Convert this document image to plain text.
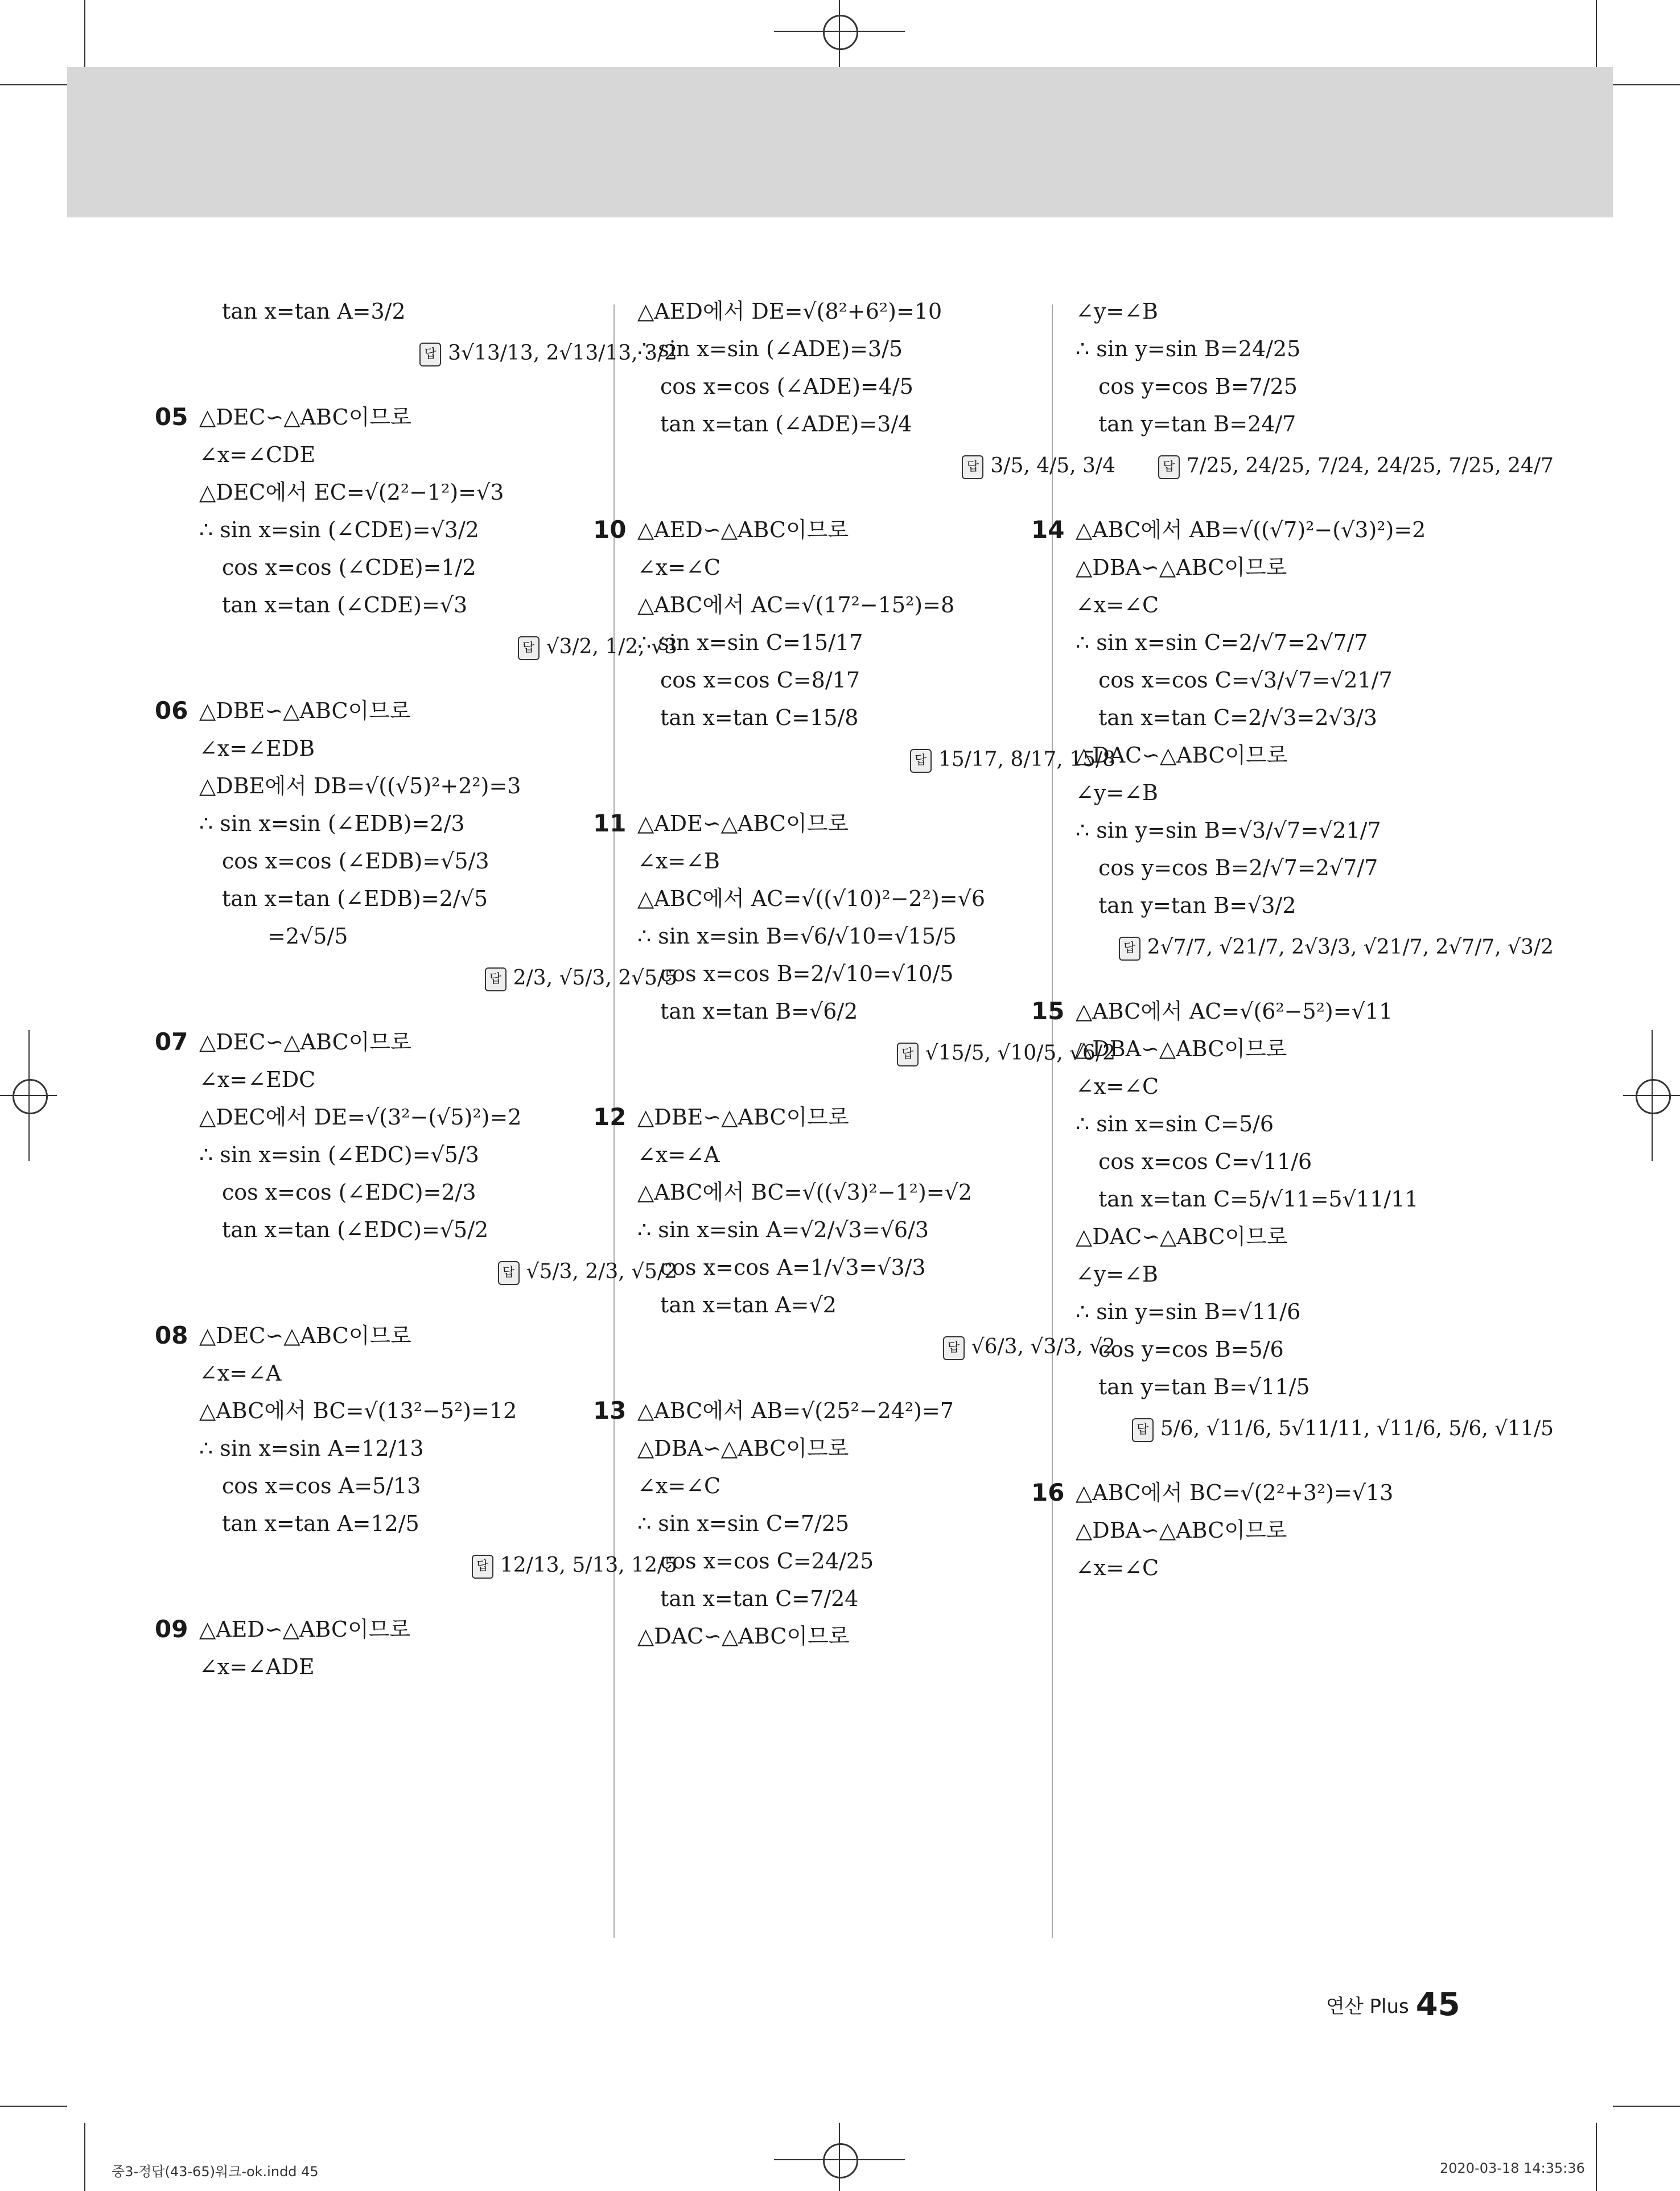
tan x=tan A=3/2
답 3√13/13, 2√13/13, 3/2
05 △DEC∽△ABC이므로
∠x=∠CDE
△DEC에서 EC=√(2²−1²)=√3
∴ sin x=sin (∠CDE)=√3/2
cos x=cos (∠CDE)=1/2
tan x=tan (∠CDE)=√3
답 √3/2, 1/2, √3
06 △DBE∽△ABC이므로
∠x=∠EDB
△DBE에서 DB=√((√5)²+2²)=3
∴ sin x=sin (∠EDB)=2/3
cos x=cos (∠EDB)=√5/3
tan x=tan (∠EDB)=2/√5
=2√5/5
답 2/3, √5/3, 2√5/5
07 △DEC∽△ABC이므로
∠x=∠EDC
△DEC에서 DE=√(3²−(√5)²)=2
∴ sin x=sin (∠EDC)=√5/3
cos x=cos (∠EDC)=2/3
tan x=tan (∠EDC)=√5/2
답 √5/3, 2/3, √5/2
08 △DEC∽△ABC이므로
∠x=∠A
△ABC에서 BC=√(13²−5²)=12
∴ sin x=sin A=12/13
cos x=cos A=5/13
tan x=tan A=12/5
답 12/13, 5/13, 12/5
09 △AED∽△ABC이므로
∠x=∠ADE
△AED에서 DE=√(8²+6²)=10
∴ sin x=sin (∠ADE)=3/5
cos x=cos (∠ADE)=4/5
tan x=tan (∠ADE)=3/4
답 3/5, 4/5, 3/4
10 △AED∽△ABC이므로
∠x=∠C
△ABC에서 AC=√(17²−15²)=8
∴ sin x=sin C=15/17
cos x=cos C=8/17
tan x=tan C=15/8
답 15/17, 8/17, 15/8
11 △ADE∽△ABC이므로
∠x=∠B
△ABC에서 AC=√((√10)²−2²)=√6
∴ sin x=sin B=√6/√10=√15/5
cos x=cos B=2/√10=√10/5
tan x=tan B=√6/2
답 √15/5, √10/5, √6/2
12 △DBE∽△ABC이므로
∠x=∠A
△ABC에서 BC=√((√3)²−1²)=√2
∴ sin x=sin A=√2/√3=√6/3
cos x=cos A=1/√3=√3/3
tan x=tan A=√2
답 √6/3, √3/3, √2
13 △ABC에서 AB=√(25²−24²)=7
△DBA∽△ABC이므로
∠x=∠C
∴ sin x=sin C=7/25
cos x=cos C=24/25
tan x=tan C=7/24
△DAC∽△ABC이므로
∠y=∠B
∴ sin y=sin B=24/25
cos y=cos B=7/25
tan y=tan B=24/7
답 7/25, 24/25, 7/24, 24/25, 7/25, 24/7
14 △ABC에서 AB=√((√7)²−(√3)²)=2
△DBA∽△ABC이므로
∠x=∠C
∴ sin x=sin C=2/√7=2√7/7
cos x=cos C=√3/√7=√21/7
tan x=tan C=2/√3=2√3/3
△DAC∽△ABC이므로
∠y=∠B
∴ sin y=sin B=√3/√7=√21/7
cos y=cos B=2/√7=2√7/7
tan y=tan B=√3/2
답 2√7/7, √21/7, 2√3/3, √21/7, 2√7/7, √3/2
15 △ABC에서 AC=√(6²−5²)=√11
△DBA∽△ABC이므로
∠x=∠C
∴ sin x=sin C=5/6
cos x=cos C=√11/6
tan x=tan C=5/√11=5√11/11
△DAC∽△ABC이므로
∠y=∠B
∴ sin y=sin B=√11/6
cos y=cos B=5/6
tan y=tan B=√11/5
답 5/6, √11/6, 5√11/11, √11/6, 5/6, √11/5
16 △ABC에서 BC=√(2²+3²)=√13
△DBA∽△ABC이므로
∠x=∠C
연산 Plus 45
중3-정답(43-65)워크-ok.indd 45	2020-03-18 14:35:36
